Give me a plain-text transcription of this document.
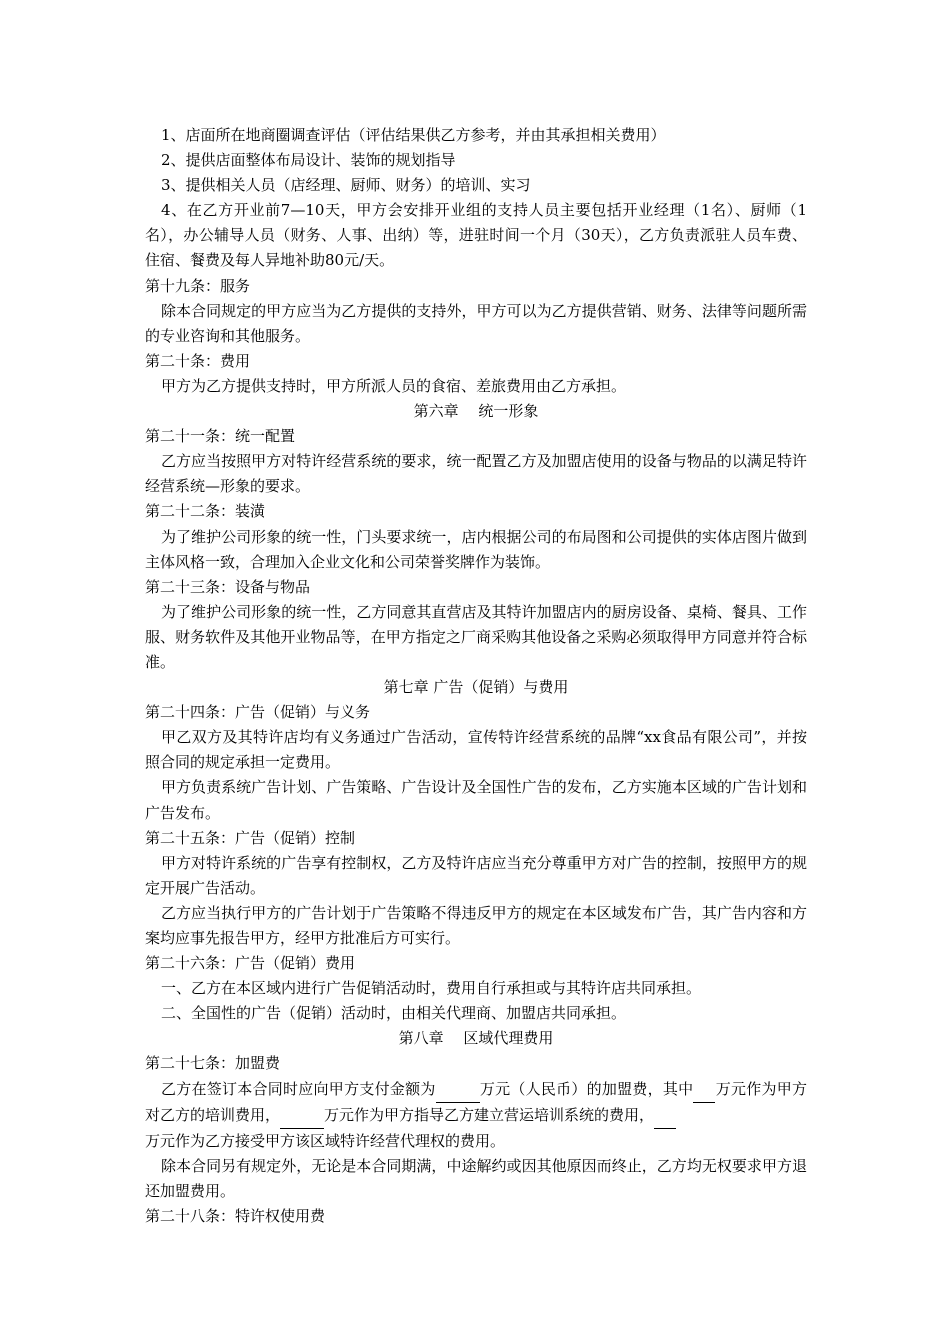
1、店面所在地商圈调查评估（评估结果供乙方参考，并由其承担相关费用）

2、提供店面整体布局设计、装饰的规划指导

3、提供相关人员（店经理、厨师、财务）的培训、实习

4、在乙方开业前7—10天，甲方会安排开业组的支持人员主要包括开业经理（1名）、厨师（1名），办公辅导人员（财务、人事、出纳）等，进驻时间一个月（30天），乙方负责派驻人员车费、住宿、餐费及每人异地补助80元/天。

第十九条：服务

除本合同规定的甲方应当为乙方提供的支持外，甲方可以为乙方提供营销、财务、法律等问题所需的专业咨询和其他服务。

第二十条：费用

甲方为乙方提供支持时，甲方所派人员的食宿、差旅费用由乙方承担。

第六章　 统一形象

第二十一条：统一配置

乙方应当按照甲方对特许经营系统的要求，统一配置乙方及加盟店使用的设备与物品的以满足特许经营系统—形象的要求。

第二十二条：装潢

为了维护公司形象的统一性，门头要求统一，店内根据公司的布局图和公司提供的实体店图片做到主体风格一致，合理加入企业文化和公司荣誉奖牌作为装饰。

第二十三条：设备与物品

为了维护公司形象的统一性，乙方同意其直营店及其特许加盟店内的厨房设备、桌椅、餐具、工作服、财务软件及其他开业物品等，在甲方指定之厂商采购其他设备之采购必须取得甲方同意并符合标准。

第七章 广告（促销）与费用

第二十四条：广告（促销）与义务

甲乙双方及其特许店均有义务通过广告活动，宣传特许经营系统的品牌“xx食品有限公司”，并按照合同的规定承担一定费用。

甲方负责系统广告计划、广告策略、广告设计及全国性广告的发布，乙方实施本区域的广告计划和广告发布。

第二十五条：广告（促销）控制

甲方对特许系统的广告享有控制权，乙方及特许店应当充分尊重甲方对广告的控制，按照甲方的规定开展广告活动。

乙方应当执行甲方的广告计划于广告策略不得违反甲方的规定在本区域发布广告，其广告内容和方案均应事先报告甲方，经甲方批准后方可实行。

第二十六条：广告（促销）费用

一、乙方在本区域内进行广告促销活动时，费用自行承担或与其特许店共同承担。

二、全国性的广告（促销）活动时，由相关代理商、加盟店共同承担。

第八章　 区域代理费用

第二十七条：加盟费

乙方在签订本合同时应向甲方支付金额为	万元（人民币）的加盟费，其中 万元作为甲方对乙方的培训费用，	万元作为甲方指导乙方建立营运培训系统的费用，

万元作为乙方接受甲方该区域特许经营代理权的费用。

除本合同另有规定外，无论是本合同期满，中途解约或因其他原因而终止，乙方均无权要求甲方退还加盟费用。

第二十八条：特许权使用费
